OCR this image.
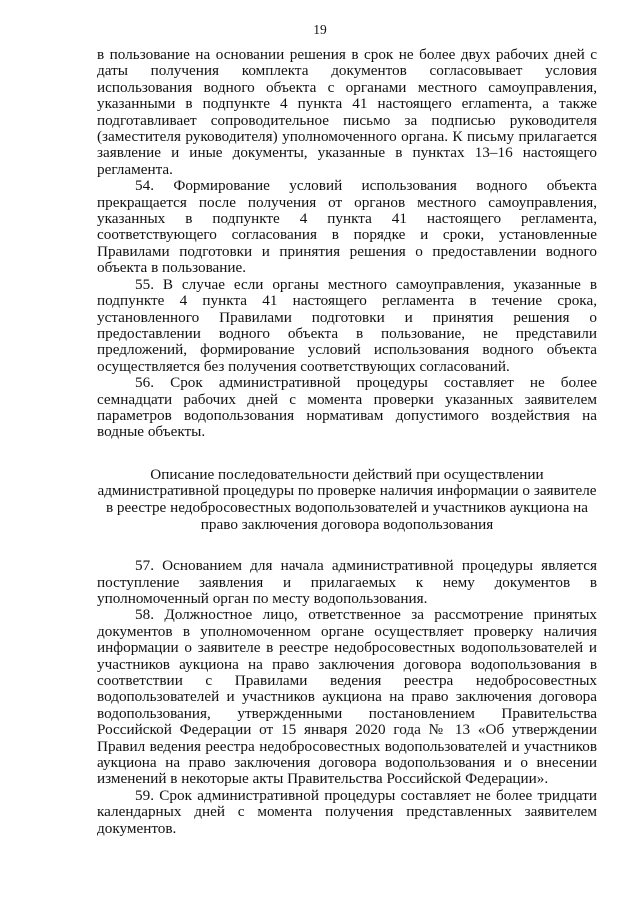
19

в пользование на основании решения в срок не более двух рабочих дней с даты получения комплекта документов согласовывает условия использования водного объекта с органами местного самоуправления, указанными в подпункте 4 пункта 41 настоящего еглamента, а также подготавливает сопроводительное письмо за подписью руководителя (заместителя руководителя) уполномоченного органа. К письму прилагается заявление и иные документы, указанные в пунктах 13–16 настоящего регламента.

54. Формирование условий использования водного объекта прекращается после получения от органов местного самоуправления, указанных в подпункте 4 пункта 41 настоящего регламента, соответствующего согласования в порядке и сроки, установленные Правилами подготовки и принятия решения о предоставлении водного объекта в пользование.

55. В случае если органы местного самоуправления, указанные в подпункте 4 пункта 41 настоящего регламента в течение срока, установленного Правилами подготовки и принятия решения о предоставлении водного объекта в пользование, не представили предложений, формирование условий использования водного объекта осуществляется без получения соответствующих согласований.

56. Срок административной процедуры составляет не более семнадцати рабочих дней с момента проверки указанных заявителем параметров водопользования нормативам допустимого воздействия на водные объекты.

Описание последовательности действий при осуществлении
административной процедуры по проверке наличия информации о заявителе
в реестре недобросовестных водопользователей и участников аукциона на
право заключения договора водопользования

57. Основанием для начала административной процедуры является поступление заявления и прилагаемых к нему документов в уполномоченный орган по месту водопользования.

58. Должностное лицо, ответственное за рассмотрение принятых документов в уполномоченном органе осуществляет проверку наличия информации о заявителе в реестре недобросовестных водопользователей и участников аукциона на право заключения договора водопользования в соответствии с Правилами ведения реестра недобросовестных водопользователей и участников аукциона на право заключения договора водопользования, утвержденными постановлением Правительства Российской Федерации от 15 января 2020 года № 13 «Об утверждении Правил ведения реестра недобросовестных водопользователей и участников аукциона на право заключения договора водопользования и о внесении изменений в некоторые акты Правительства Российской Федерации».

59. Срок административной процедуры составляет не более тридцати календарных дней с момента получения представленных заявителем документов.
